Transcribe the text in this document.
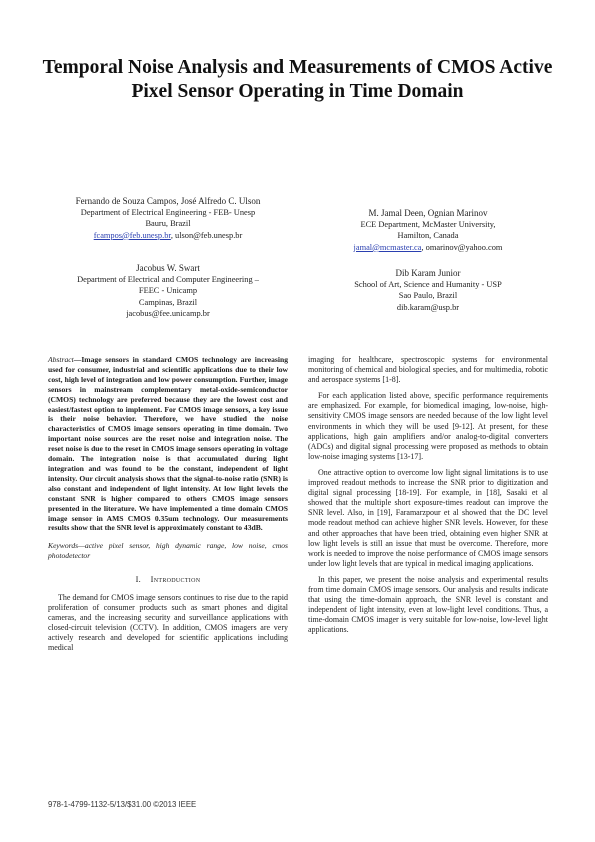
Temporal Noise Analysis and Measurements of CMOS Active Pixel Sensor Operating in Time Domain
Fernando de Souza Campos, José Alfredo C. Ulson
Department of Electrical Engineering - FEB- Unesp
Bauru, Brazil
fcampos@feb.unesp.br, ulson@feb.unesp.br
Jacobus W. Swart
Department of Electrical and Computer Engineering –
FEEC - Unicamp
Campinas, Brazil
jacobus@fee.unicamp.br
M. Jamal Deen, Ognian Marinov
ECE Department, McMaster University,
Hamilton, Canada
jamal@mcmaster.ca, omarinov@yahoo.com
Dib Karam Junior
School of Art, Science and Humanity - USP
Sao Paulo, Brazil
dib.karam@usp.br
Abstract—Image sensors in standard CMOS technology are increasing used for consumer, industrial and scientific applications due to their low cost, high level of integration and low power consumption. Further, image sensors in mainstream complementary metal-oxide-semiconductor (CMOS) technology are preferred because they are the lowest cost and easiest/fastest option to implement. For CMOS image sensors, a key issue is their noise behavior. Therefore, we have studied the noise characteristics of CMOS image sensors operating in time domain. Two important noise sources are the reset noise and integration noise. The reset noise is due to the reset in CMOS image sensors operating in voltage domain. The integration noise is that accumulated during light integration and was found to be the constant, independent of light intensity. Our circuit analysis shows that the signal-to-noise ratio (SNR) is also constant and independent of light intensity. At low light levels the constant SNR is higher compared to others CMOS image sensors presented in the literature. We have implemented a time domain CMOS image sensor in AMS CMOS 0.35um technology. Our measurements results show that the SNR level is approximately constant to 43dB.
Keywords—active pixel sensor, high dynamic range, low noise, cmos photodetector
I. Introduction
The demand for CMOS image sensors continues to rise due to the rapid proliferation of consumer products such as smart phones and digital cameras, and the increasing security and surveillance applications with closed-circuit television (CCTV). In addition, CMOS imagers are very actively research and developed for scientific applications including medical
imaging for healthcare, spectroscopic systems for environmental monitoring of chemical and biological species, and for multimedia, robotic and aerospace systems [1-8].
For each application listed above, specific performance requirements are emphasized. For example, for biomedical imaging, low-noise, high-sensitivity CMOS image sensors are needed because of the low light level environments in which they will be used [9-12]. At present, for these applications, high gain amplifiers and/or analog-to-digital converters (ADCs) and digital signal processing were proposed as methods to obtain low-noise imaging systems [13-17].
One attractive option to overcome low light signal limitations is to use improved readout methods to increase the SNR prior to digitization and digital signal processing [18-19]. For example, in [18], Sasaki et al showed that the multiple short exposure-times readout can improve the SNR level. Also, in [19], Faramarzpour et al showed that the DC level mode readout method can achieve higher SNR levels. However, for these and other approaches that have been tried, obtaining even higher SNR at low light levels is still an issue that must be overcome. Therefore, more work is needed to improve the noise performance of CMOS image sensors under low light levels that are typical in medical imaging applications.
In this paper, we present the noise analysis and experimental results from time domain CMOS image sensors. Our analysis and results indicate that using the time-domain approach, the SNR level is constant and independent of light intensity, even at low-light level conditions. Thus, a time-domain CMOS imager is very suitable for low-noise, low-level light applications.
978-1-4799-1132-5/13/$31.00 ©2013 IEEE
